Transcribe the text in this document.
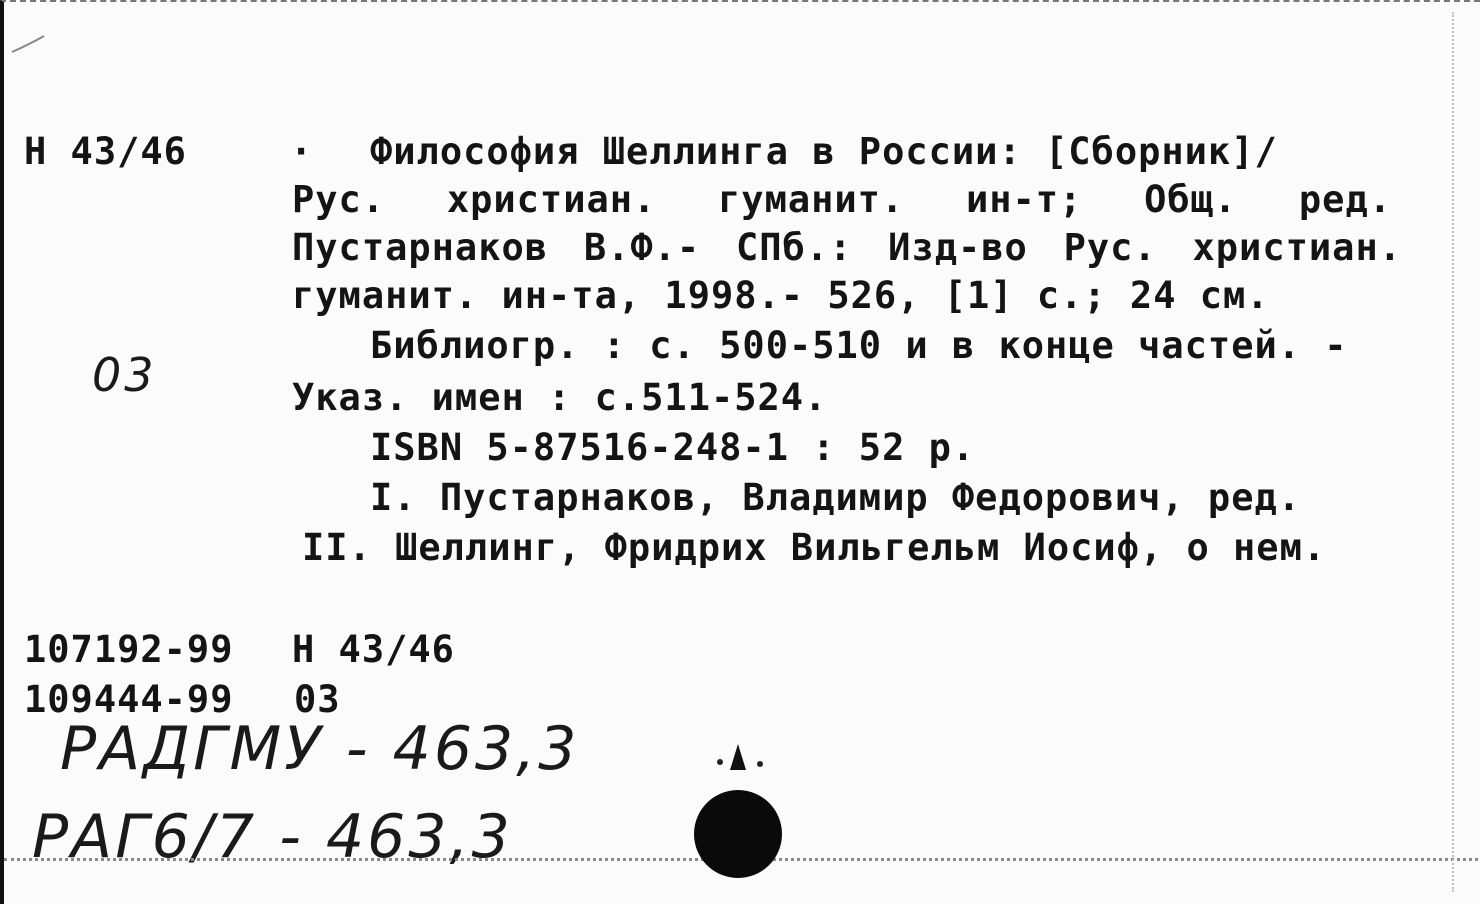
Н 43/46	· Философия Шеллинга в России: [Сборник]/
Рус. христиан. гуманит. ин-т; Общ. ред.
Пустарнаков В.Ф.- СПб.: Изд-во Рус. христиан.
гуманит. ин-та, 1998.- 526, [1] с.; 24 см.
Библиогр. : с. 500-510 и в конце частей. -
Указ. имен : с.511-524.
ISBN 5-87516-248-1 : 52 р.
I. Пустарнаков, Владимир Федорович, ред.
II. Шеллинг, Фридрих Вильгельм Иосиф, о нем.
03
107192-99 Н 43/46
109444-99 03
РАДГМУ - 463,3
РАГ6/7 - 463,3
